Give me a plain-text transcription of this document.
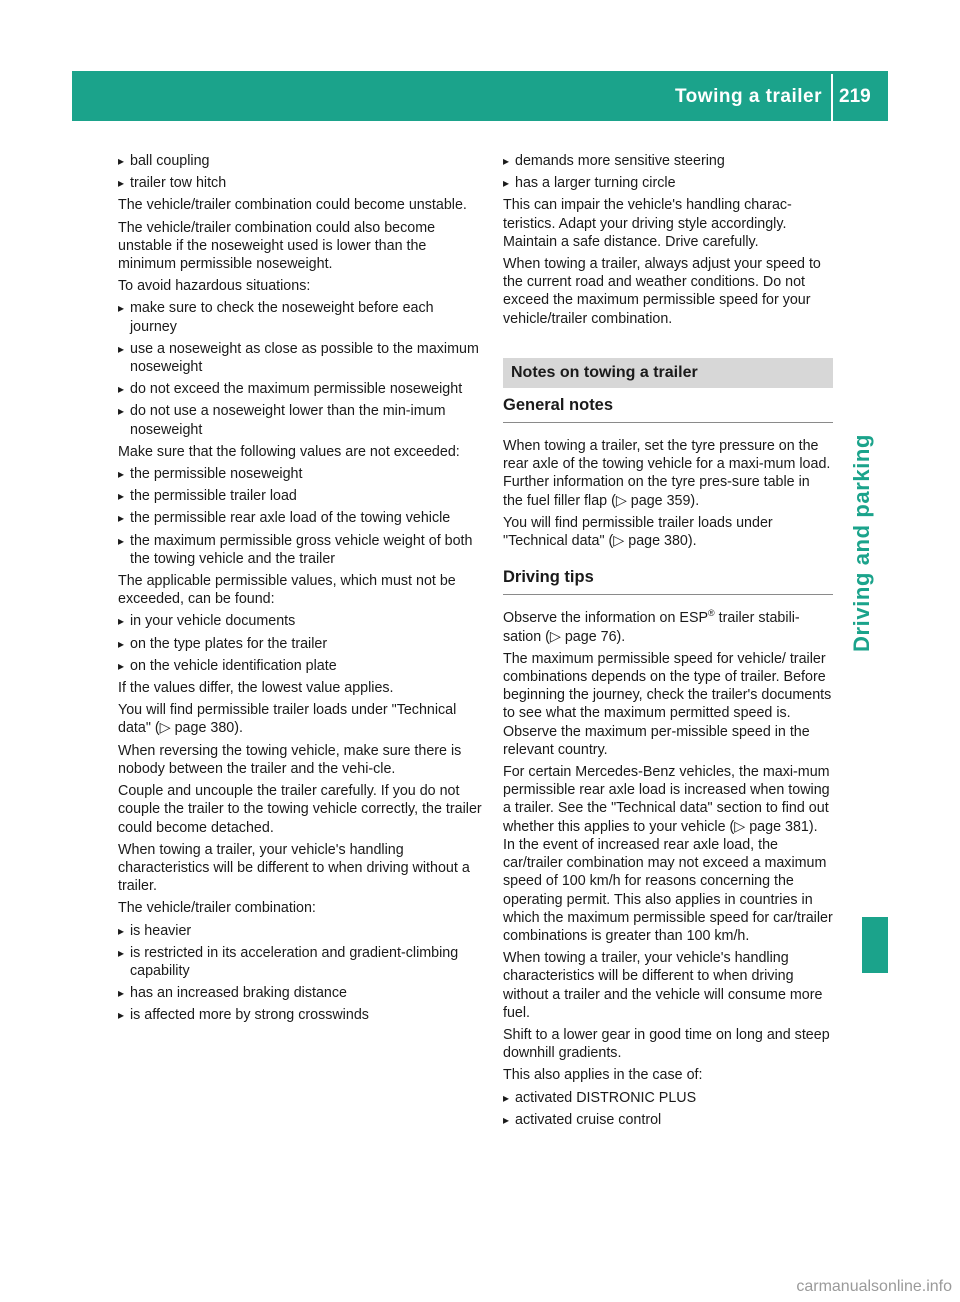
Towing a trailer 219
Driving and parking
▸ ball coupling
▸ trailer tow hitch
The vehicle/trailer combination could become unstable.
The vehicle/trailer combination could also become unstable if the noseweight used is lower than the minimum permissible noseweight.
To avoid hazardous situations:
▸ make sure to check the noseweight before each journey
▸ use a noseweight as close as possible to the maximum noseweight
▸ do not exceed the maximum permissible noseweight
▸ do not use a noseweight lower than the min-imum noseweight
Make sure that the following values are not exceeded:
▸ the permissible noseweight
▸ the permissible trailer load
▸ the permissible rear axle load of the towing vehicle
▸ the maximum permissible gross vehicle weight of both the towing vehicle and the trailer
The applicable permissible values, which must not be exceeded, can be found:
▸ in your vehicle documents
▸ on the type plates for the trailer
▸ on the vehicle identification plate
If the values differ, the lowest value applies.
You will find permissible trailer loads under "Technical data" (▷ page 380).
When reversing the towing vehicle, make sure there is nobody between the trailer and the vehi-cle.
Couple and uncouple the trailer carefully. If you do not couple the trailer to the towing vehicle correctly, the trailer could become detached.
When towing a trailer, your vehicle's handling characteristics will be different to when driving without a trailer.
The vehicle/trailer combination:
▸ is heavier
▸ is restricted in its acceleration and gradient-climbing capability
▸ has an increased braking distance
▸ is affected more by strong crosswinds
▸ demands more sensitive steering
▸ has a larger turning circle
This can impair the vehicle's handling charac-teristics. Adapt your driving style accordingly. Maintain a safe distance. Drive carefully.
When towing a trailer, always adjust your speed to the current road and weather conditions. Do not exceed the maximum permissible speed for your vehicle/trailer combination.
Notes on towing a trailer
General notes
When towing a trailer, set the tyre pressure on the rear axle of the towing vehicle for a maxi-mum load. Further information on the tyre pres-sure table in the fuel filler flap (▷ page 359).
You will find permissible trailer loads under "Technical data" (▷ page 380).
Driving tips
Observe the information on ESP® trailer stabili-sation (▷ page 76).
The maximum permissible speed for vehicle/ trailer combinations depends on the type of trailer. Before beginning the journey, check the trailer's documents to see what the maximum permitted speed is. Observe the maximum per-missible speed in the relevant country.
For certain Mercedes-Benz vehicles, the maxi-mum permissible rear axle load is increased when towing a trailer. See the "Technical data" section to find out whether this applies to your vehicle (▷ page 381). In the event of increased rear axle load, the car/trailer combination may not exceed a maximum speed of 100 km/h for reasons concerning the operating permit. This also applies in countries in which the maximum permissible speed for car/trailer combinations is greater than 100 km/h.
When towing a trailer, your vehicle's handling characteristics will be different to when driving without a trailer and the vehicle will consume more fuel.
Shift to a lower gear in good time on long and steep downhill gradients.
This also applies in the case of:
▸ activated DISTRONIC PLUS
▸ activated cruise control
carmanualsonline.info
